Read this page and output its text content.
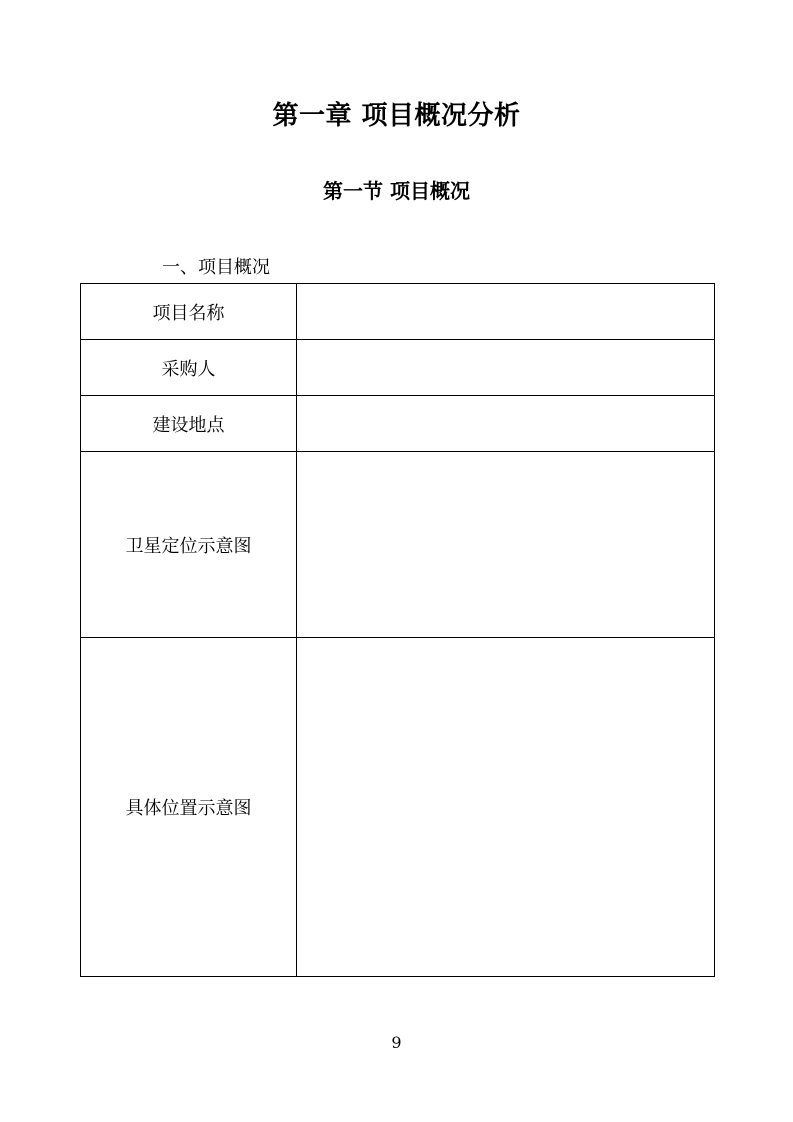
第一章 项目概况分析
第一节 项目概况
一、项目概况
项目名称	
采购人	
建设地点	
卫星定位示意图	
具体位置示意图	
9
